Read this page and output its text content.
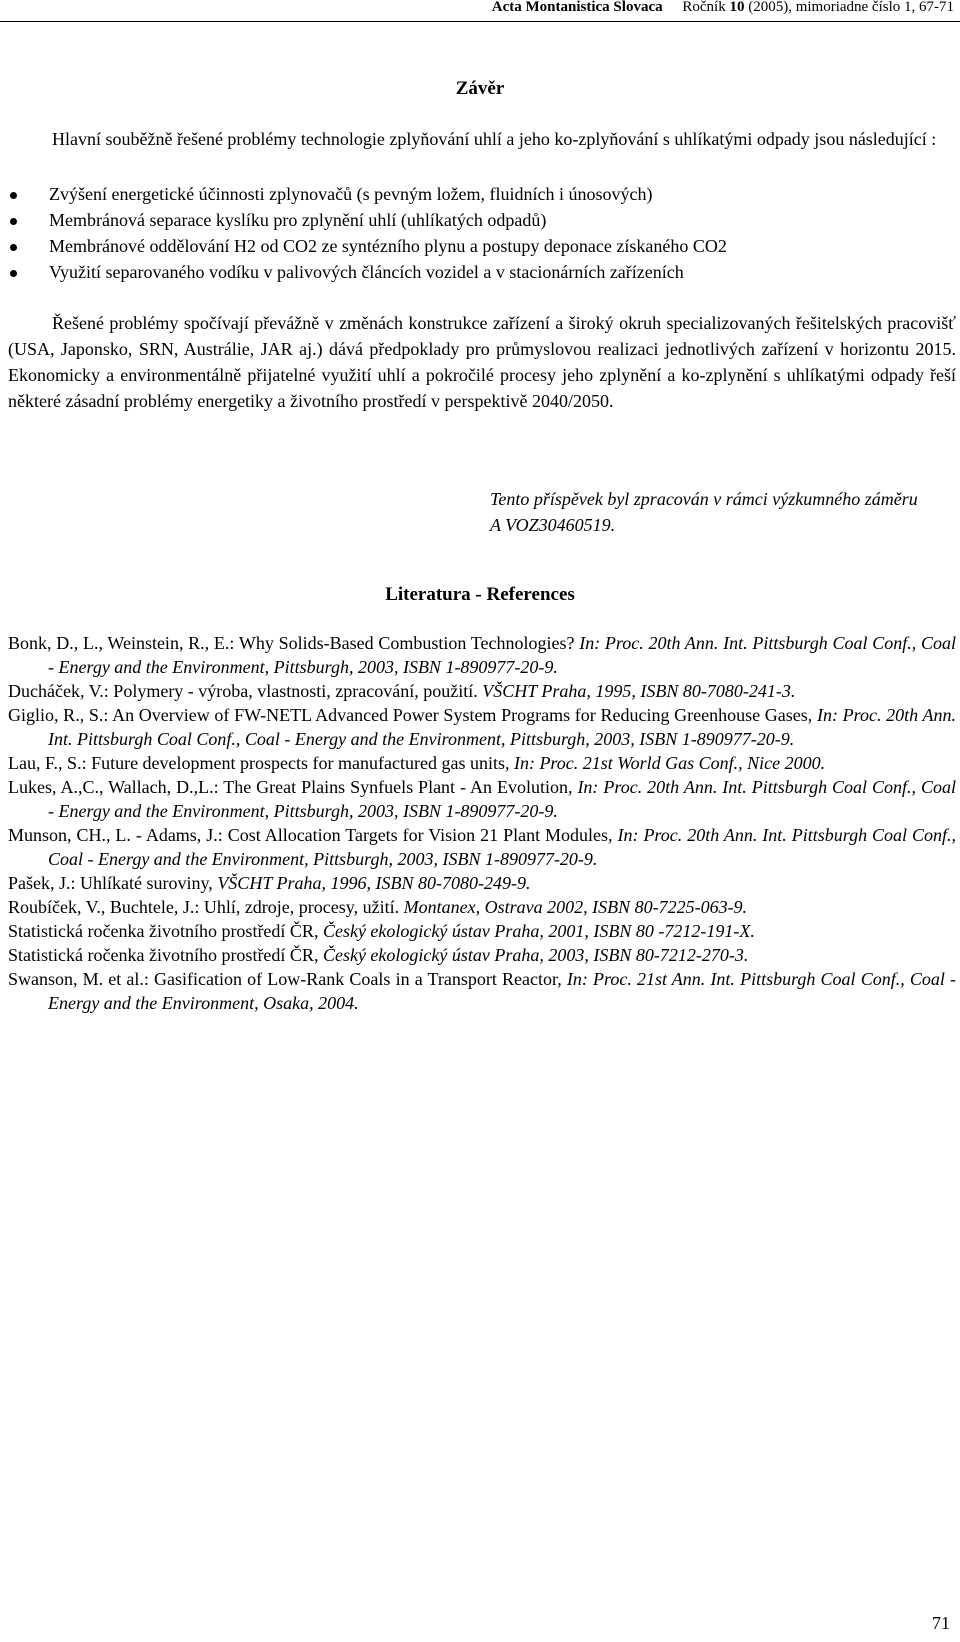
Acta Montanistica Slovaca Ročník 10 (2005), mimoriadne číslo 1, 67-71
Závěr
Hlavní souběžně řešené problémy technologie zplyňování uhlí a jeho ko-zplyňování s uhlíkatými odpady jsou následující :
Zvýšení energetické účinnosti zplynovačů (s pevným ložem, fluidních i únosových)
Membránová separace kyslíku pro zplynění uhlí (uhlíkatých odpadů)
Membránové oddělování H2 od CO2 ze syntézního plynu a postupy deponace získaného CO2
Využití separovaného vodíku v palivových článcích vozidel a v stacionárních zařízeních
Řešené problémy spočívají převážně v změnách konstrukce zařízení a široký okruh specializovaných řešitelských pracovišť (USA, Japonsko, SRN, Austrálie, JAR aj.) dává předpoklady pro průmyslovou realizaci jednotlivých zařízení v horizontu 2015. Ekonomicky a environmentálně přijatelné využití uhlí a pokročilé procesy jeho zplynění a ko-zplynění s uhlíkatými odpady řeší některé zásadní problémy energetiky a životního prostředí v perspektivě 2040/2050.
Tento příspěvek byl zpracován v rámci výzkumného záměru A VOZ30460519.
Literatura - References
Bonk, D., L., Weinstein, R., E.: Why Solids-Based Combustion Technologies? In: Proc. 20th Ann. Int. Pittsburgh Coal Conf., Coal - Energy and the Environment, Pittsburgh, 2003, ISBN 1-890977-20-9.
Ducháček, V.: Polymery - výroba, vlastnosti, zpracování, použití. VŠCHT Praha, 1995, ISBN 80-7080-241-3.
Giglio, R., S.: An Overview of FW-NETL Advanced Power System Programs for Reducing Greenhouse Gases, In: Proc. 20th Ann. Int. Pittsburgh Coal Conf., Coal - Energy and the Environment, Pittsburgh, 2003, ISBN 1-890977-20-9.
Lau, F., S.: Future development prospects for manufactured gas units, In: Proc. 21st World Gas Conf., Nice 2000.
Lukes, A.,C., Wallach, D.,L.: The Great Plains Synfuels Plant - An Evolution, In: Proc. 20th Ann. Int. Pittsburgh Coal Conf., Coal - Energy and the Environment, Pittsburgh, 2003, ISBN 1-890977-20-9.
Munson, CH., L. - Adams, J.: Cost Allocation Targets for Vision 21 Plant Modules, In: Proc. 20th Ann. Int. Pittsburgh Coal Conf., Coal - Energy and the Environment, Pittsburgh, 2003, ISBN 1-890977-20-9.
Pašek, J.: Uhlíkaté suroviny, VŠCHT Praha, 1996, ISBN 80-7080-249-9.
Roubíček, V., Buchtele, J.: Uhlí, zdroje, procesy, užití. Montanex, Ostrava 2002, ISBN 80-7225-063-9.
Statistická ročenka životního prostředí ČR, Český ekologický ústav Praha, 2001, ISBN 80 -7212-191-X.
Statistická ročenka životního prostředí ČR, Český ekologický ústav Praha, 2003, ISBN 80-7212-270-3.
Swanson, M. et al.: Gasification of Low-Rank Coals in a Transport Reactor, In: Proc. 21st Ann. Int. Pittsburgh Coal Conf., Coal - Energy and the Environment, Osaka, 2004.
71
